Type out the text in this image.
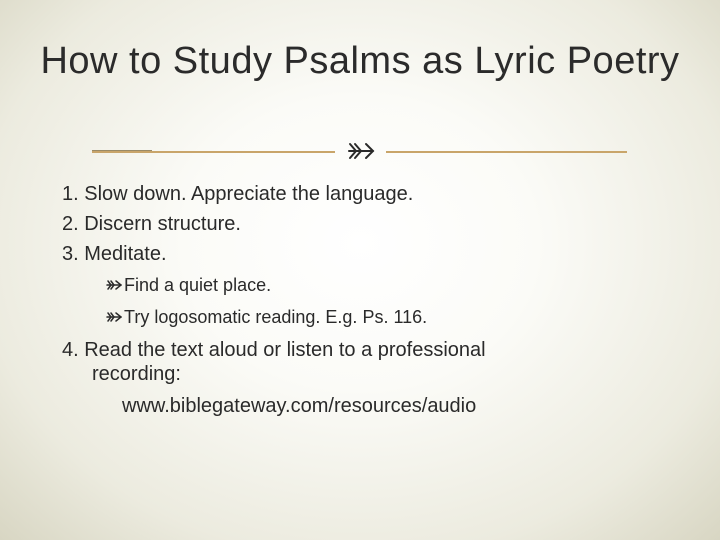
How to Study Psalms as Lyric Poetry
1. Slow down. Appreciate the language.
2. Discern structure.
3. Meditate.
Find a quiet place.
Try logosomatic reading. E.g. Ps. 116.
4. Read the text aloud or listen to a professional
recording:
www.biblegateway.com/resources/audio
